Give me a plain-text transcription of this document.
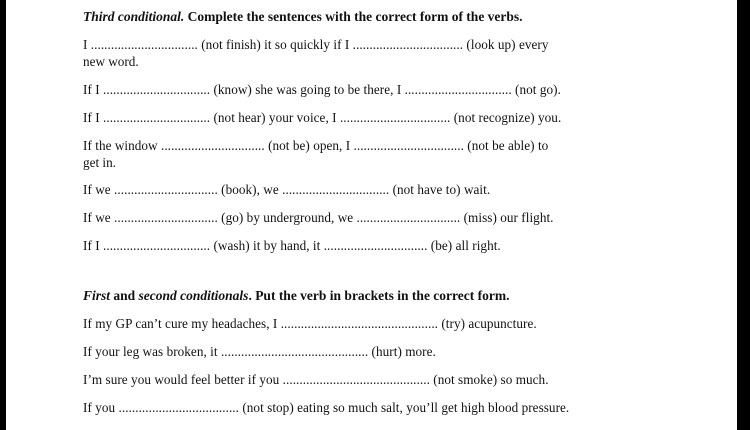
Third conditional. Complete the sentences with the correct form of the verbs.
I ................................ (not finish) it so quickly if I ................................. (look up) every
new word.
If I ................................ (know) she was going to be there, I ................................ (not go).
If I ................................ (not hear) your voice, I ................................. (not recognize) you.
If the window ............................... (not be) open, I ................................. (not be able) to
get in.
If we ............................... (book), we ................................ (not have to) wait.
If we ............................... (go) by underground, we ............................... (miss) our flight.
If I ................................ (wash) it by hand, it ............................... (be) all right.
First and second conditionals. Put the verb in brackets in the correct form.
If my GP can’t cure my headaches, I ............................................... (try) acupuncture.
If your leg was broken, it ............................................ (hurt) more.
I’m sure you would feel better if you ............................................ (not smoke) so much.
If you .................................... (not stop) eating so much salt, you’ll get high blood pressure.
